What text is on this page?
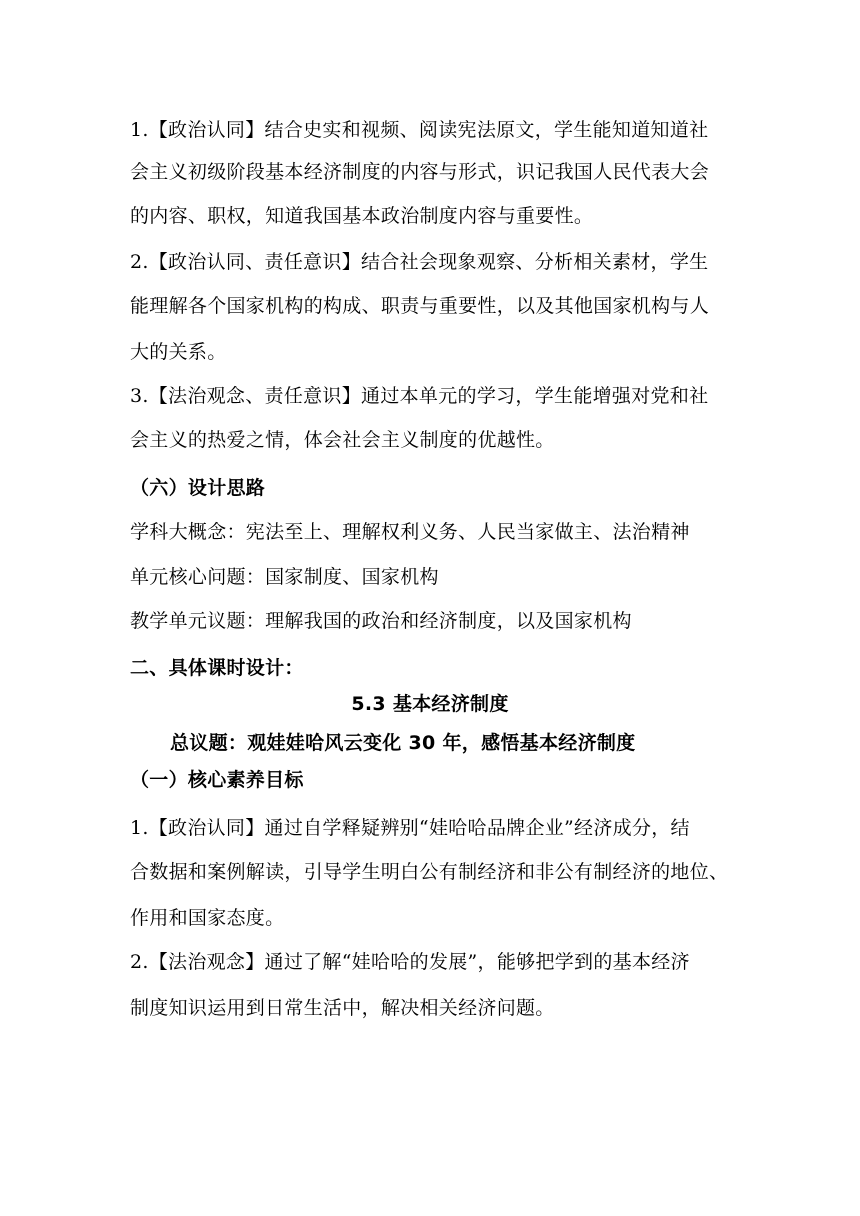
1.【政治认同】结合史实和视频、阅读宪法原文，学生能知道知道社
会主义初级阶段基本经济制度的内容与形式，识记我国人民代表大会
的内容、职权，知道我国基本政治制度内容与重要性。
2.【政治认同、责任意识】结合社会现象观察、分析相关素材，学生
能理解各个国家机构的构成、职责与重要性，以及其他国家机构与人
大的关系。
3.【法治观念、责任意识】通过本单元的学习，学生能增强对党和社
会主义的热爱之情，体会社会主义制度的优越性。
（六）设计思路
学科大概念：宪法至上、理解权利义务、人民当家做主、法治精神
单元核心问题：国家制度、国家机构
教学单元议题：理解我国的政治和经济制度，以及国家机构
二、具体课时设计：
5.3 基本经济制度
总议题：观娃娃哈风云变化 30 年，感悟基本经济制度
（一）核心素养目标
1.【政治认同】通过自学释疑辨别“娃哈哈品牌企业”经济成分，结
合数据和案例解读，引导学生明白公有制经济和非公有制经济的地位、
作用和国家态度。
2.【法治观念】通过了解“娃哈哈的发展”，能够把学到的基本经济
制度知识运用到日常生活中，解决相关经济问题。
